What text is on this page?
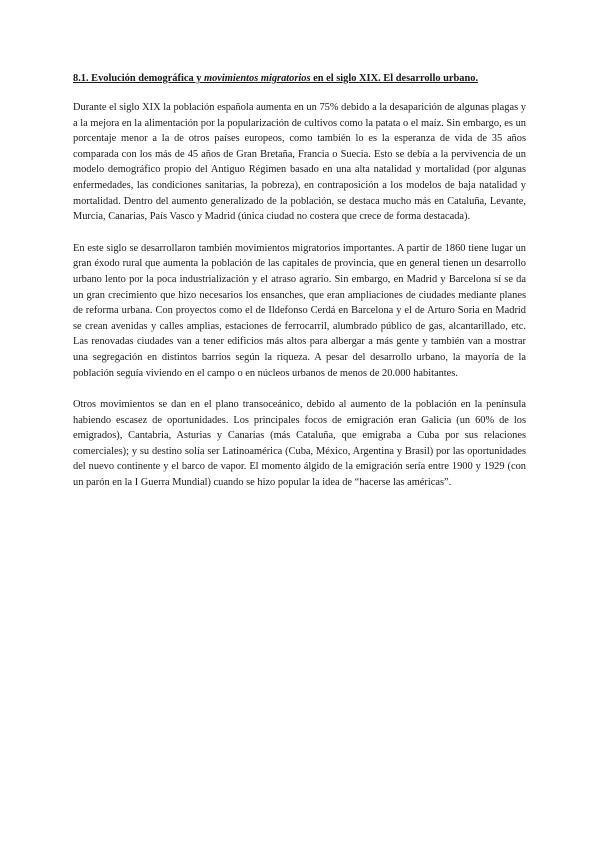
8.1. Evolución demográfica y movimientos migratorios en el siglo XIX. El desarrollo urbano.

Durante el siglo XIX la población española aumenta en un 75% debido a la desaparición de algunas plagas y a la mejora en la alimentación por la popularización de cultivos como la patata o el maíz. Sin embargo, es un porcentaje menor a la de otros países europeos, como también lo es la esperanza de vida de 35 años comparada con los más de 45 años de Gran Bretaña, Francia o Suecia. Esto se debía a la pervivencia de un modelo demográfico propio del Antiguo Régimen basado en una alta natalidad y mortalidad (por algunas enfermedades, las condiciones sanitarias, la pobreza), en contraposición a los modelos de baja natalidad y mortalidad. Dentro del aumento generalizado de la población, se destaca mucho más en Cataluña, Levante, Murcia, Canarias, País Vasco y Madrid (única ciudad no costera que crece de forma destacada).

En este siglo se desarrollaron también movimientos migratorios importantes. A partir de 1860 tiene lugar un gran éxodo rural que aumenta la población de las capitales de provincia, que en general tienen un desarrollo urbano lento por la poca industrialización y el atraso agrario. Sin embargo, en Madrid y Barcelona sí se da un gran crecimiento que hizo necesarios los ensanches, que eran ampliaciones de ciudades mediante planes de reforma urbana. Con proyectos como el de Ildefonso Cerdá en Barcelona y el de Arturo Soria en Madrid se crean avenidas y calles amplias, estaciones de ferrocarril, alumbrado público de gas, alcantarillado, etc. Las renovadas ciudades van a tener edificios más altos para albergar a más gente y también van a mostrar una segregación en distintos barrios según la riqueza. A pesar del desarrollo urbano, la mayoría de la población seguía viviendo en el campo o en núcleos urbanos de menos de 20.000 habitantes.

Otros movimientos se dan en el plano transoceánico, debido al aumento de la población en la península habiendo escasez de oportunidades. Los principales focos de emigración eran Galicia (un 60% de los emigrados), Cantabria, Asturias y Canarias (más Cataluña, que emigraba a Cuba por sus relaciones comerciales); y su destino solía ser Latinoamérica (Cuba, México, Argentina y Brasil) por las oportunidades del nuevo continente y el barco de vapor. El momento álgido de la emigración sería entre 1900 y 1929 (con un parón en la I Guerra Mundial) cuando se hizo popular la idea de “hacerse las américas”.
